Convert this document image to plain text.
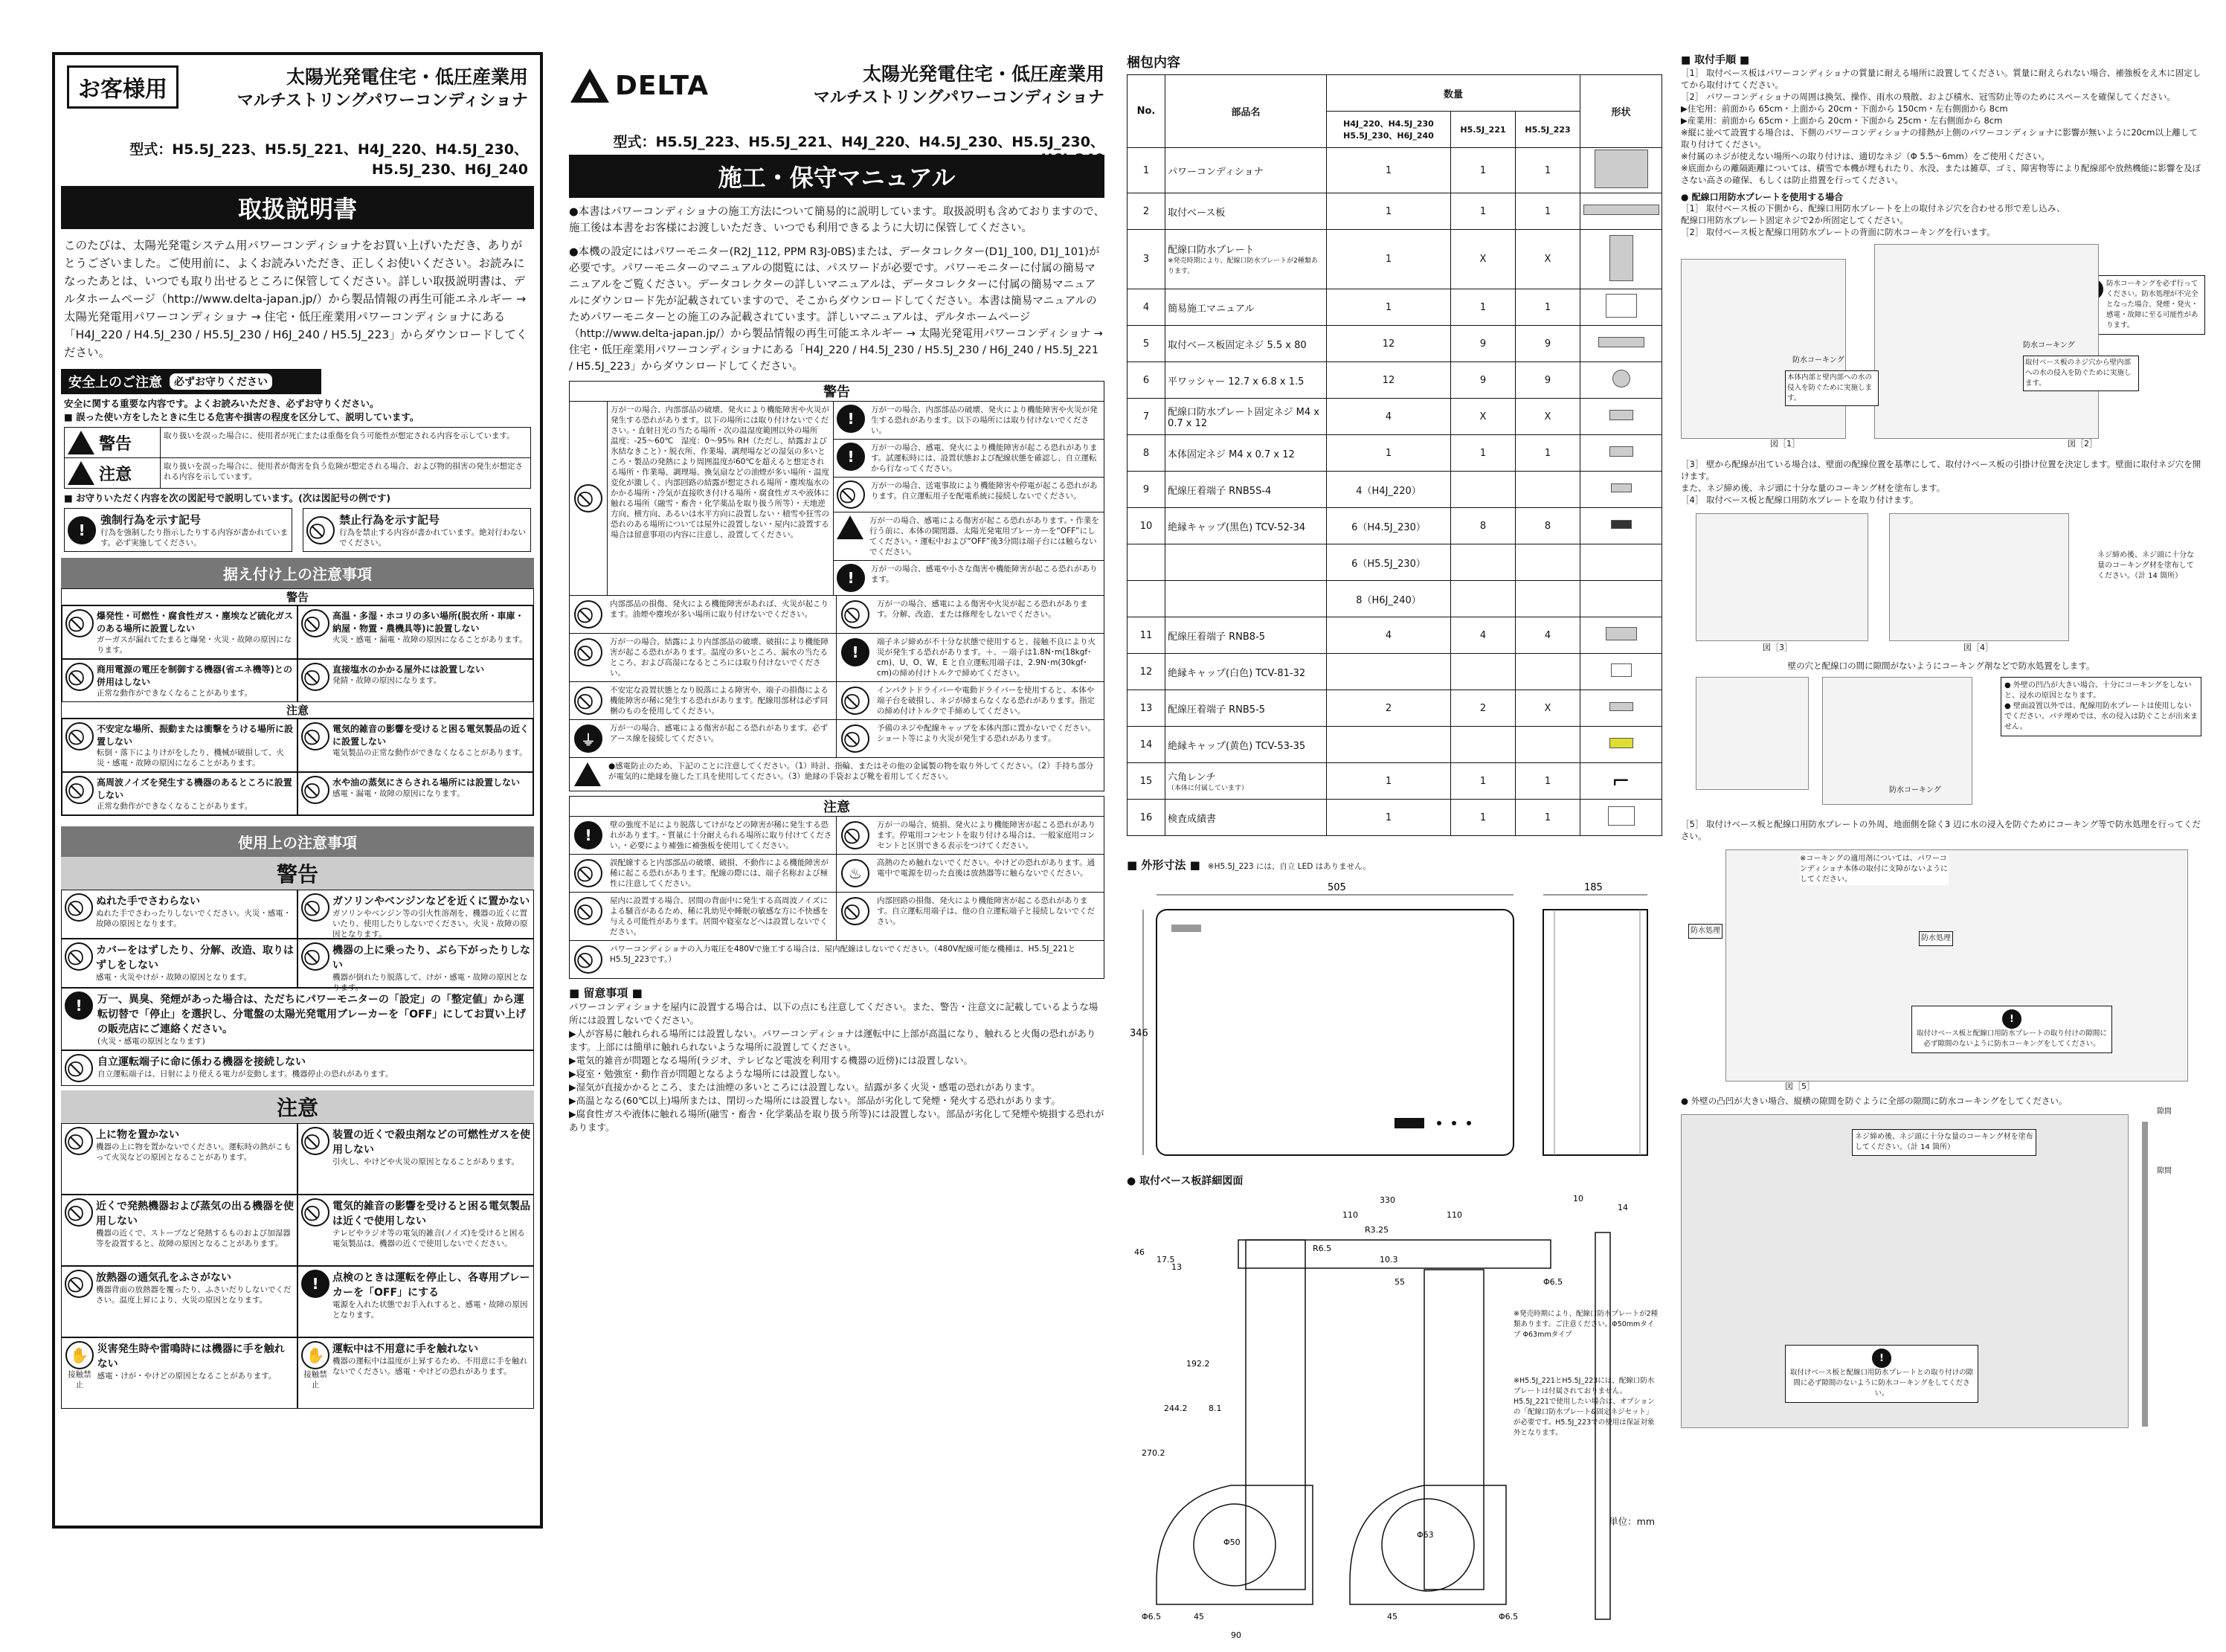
お客様用	太陽光発電住宅・低圧産業用
マルチストリングパワーコンディショナ
型式：H5.5J_223、H5.5J_221、H4J_220、H4.5J_230、H5.5J_230、H6J_240
取扱説明書
このたびは、太陽光発電システム用パワーコンディショナをお買い上げいただき、ありがとうございました。ご使用前に、よくお読みいただき、正しくお使いください。お読みになったあとは、いつでも取り出せるところに保管してください。詳しい取扱説明書は、デルタホームページ（http://www.delta-japan.jp/）から製品情報の再生可能エネルギー → 太陽光発電用パワーコンディショナ → 住宅・低圧産業用パワーコンディショナにある「H4J_220 / H4.5J_230 / H5.5J_230 / H6J_240 / H5.5J_223」からダウンロードしてください。
安全上のご注意	必ずお守りください
安全に関する重要な内容です。よくお読みいただき、必ずお守りください。
■ 誤った使い方をしたときに生じる危害や損害の程度を区分して、説明しています。
警告	取り扱いを誤った場合に、使用者が死亡または重傷を負う可能性が想定される内容を示しています。
注意	取り扱いを誤った場合に、使用者が傷害を負う危険が想定される場合、および物的損害の発生が想定される内容を示しています。
■ お守りいただく内容を次の図記号で説明しています。(次は図記号の例です)
!
強制行為を示す記号
行為を強制したり指示したりする内容が書かれています。必ず実施してください。
禁止行為を示す記号
行為を禁止する内容が書かれています。絶対行わないでください。
据え付け上の注意事項
警告
爆発性・可燃性・腐食性ガス・塵埃など硫化ガスのある場所に設置しない
ガーガスが漏れてたまると爆発・火災・故障の原因になります。
高温・多湿・ホコリの多い場所(脱衣所・車庫・納屋・物置・農機具等)に設置しない
火災・感電・漏電・故障の原因になることがあります。
商用電源の電圧を制御する機器(省エネ機等)との併用はしない
正常な動作ができなくなることがあります。
直接塩水のかかる屋外には設置しない
発錆・故障の原因になります。
注意
不安定な場所、振動または衝撃をうける場所に設置しない
転倒・落下によりけがをしたり、機械が破損して、火災・感電・故障の原因になることがあります。
電気的雑音の影響を受けると困る電気製品の近くに設置しない
電気製品の正常な動作ができなくなることがあります。
高周波ノイズを発生する機器のあるところに設置しない
正常な動作ができなくなることがあります。
水や油の蒸気にさらされる場所には設置しない
感電・漏電・故障の原因になります。
使用上の注意事項
警告
ぬれた手でさわらない
ぬれた手でさわったりしないでください。火災・感電・故障の原因となります。
ガソリンやベンジンなどを近くに置かない
ガソリンやベンジン等の引火性溶剤を、機器の近くに置いたり、使用したりしないでください。火災・故障の原因となります。
カバーをはずしたり、分解、改造、取りはずしをしない
感電・火災やけが・故障の原因となります。
機器の上に乗ったり、ぶら下がったりしない
機器が倒れたり脱落して、けが・感電・故障の原因となります。
!	万一、異臭、発煙があった場合は、ただちにパワーモニターの「設定」の「整定値」から運転切替で「停止」を選択し、分電盤の太陽光発電用ブレーカーを「OFF」にしてお買い上げの販売店にご連絡ください。
(火災・感電の原因となります)
自立運転端子に命に係わる機器を接続しない
自立運転端子は、日射により使える電力が変動します。機器停止の恐れがあります。
注意
上に物を置かない
機器の上に物を置かないでください。運転時の熱がこもって火災などの原因となることがあります。
装置の近くで殺虫剤などの可燃性ガスを使用しない
引火し、やけどや火災の原因となることがあります。
近くで発熱機器および蒸気の出る機器を使用しない
機器の近くで、ストーブなど発熱するものおよび加湿器等を設置すると、故障の原因となることがあります。
電気的雑音の影響を受けると困る電気製品は近くで使用しない
テレビやラジオ等の電気的雑音(ノイズ)を受けると困る電気製品は、機器の近くで使用しないでください。
放熱器の通気孔をふさがない
機器背面の放熱器を覆ったり、ふさいだりしないでください。温度上昇により、火災の原因となります。
!	点検のときは運転を停止し、各専用ブレーカーを「OFF」にする
電源を入れた状態でお手入れすると、感電・故障の原因となります。
✋
接触禁止
災害発生時や雷鳴時には機器に手を触れない
感電・けが・やけどの原因となることがあります。
✋
接触禁止
運転中は不用意に手を触れない
機器の運転中は温度が上昇するため、不用意に手を触れないでください。感電・やけどの恐れがあります。
DELTA	太陽光発電住宅・低圧産業用
マルチストリングパワーコンディショナ
型式：H5.5J_223、H5.5J_221、H4J_220、H4.5J_230、H5.5J_230、H6J_240
施工・保守マニュアル
●本書はパワーコンディショナの施工方法について簡易的に説明しています。取扱説明も含めておりますので、施工後は本書をお客様にお渡しいただき、いつでも利用できるように大切に保管してください。
●本機の設定にはパワーモニター(R2J_112, PPM R3J-0BS)または、データコレクター(D1J_100, D1J_101)が必要です。パワーモニターのマニュアルの閲覧には、パスワードが必要です。パワーモニターに付属の簡易マニュアルをご覧ください。データコレクターの詳しいマニュアルは、データコレクターに付属の簡易マニュアルにダウンロード先が記載されていますので、そこからダウンロードしてください。本書は簡易マニュアルのためパワーモニターとの施工のみ記載されています。詳しいマニュアルは、デルタホームページ（http://www.delta-japan.jp/）から製品情報の再生可能エネルギー → 太陽光発電用パワーコンディショナ → 住宅・低圧産業用パワーコンディショナにある「H4J_220 / H4.5J_230 / H5.5J_230 / H6J_240 / H5.5J_221 / H5.5J_223」からダウンロードしてください。
警告
万が一の場合、内部部品の破壊、発火により機能障害や火災が発生する恐れがあります。以下の場所には取り付けないでください。・直射日光の当たる場所・次の温湿度範囲以外の場所　温度：-25〜60℃　湿度：0〜95％ RH（ただし、結露および氷結なきこと）・脱衣所、作業場、調理場などの湿気の多いところ・製品の発熱により周囲温度が60℃を超えると想定される場所・作業場、調理場、換気扇などの油煙が多い場所・温度変化が激しく、内部回路の結露が想定される場所・塵埃塩水のかかる場所・冷気が直接吹き付ける場所・腐食性ガスや液体に触れる場所（融雪・畜舎・化学薬品を取り扱う所等）・天地逆方向、横方向、あるいは水平方向に設置しない・積雪や狂雪の恐れのある場所については屋外に設置しない・屋内に設置する場合は留意事項の内容に注意し、設置してください。
!	万が一の場合、内部部品の破壊、発火により機能障害や火災が発生する恐れがあります。以下の場所には取り付けないでください。
!	万が一の場合、感電、発火により機能障害が起こる恐れがあります。試運転時には、設置状態および配線状態を確認し、自立運転から行なってください。
万が一の場合、送電事故により機能障害や停電が起こる恐れがあります。自立運転用子を配電系統に接続しないでください。
万が一の場合、感電による傷害が起こる恐れがあります。・作業を行う前に、本体の開閉器、太陽光発電用ブレーカーを“OFF”にしてください。・運転中および“OFF”後3分間は端子台には触らないでください。
!	万が一の場合、感電や小さな傷害や機能障害が起こる恐れがあります。
内部部品の損傷、発火による機能障害があれば、火災が起こります。油煙や塵埃が多い場所に取り付けないでください。
万が一の場合、感電による傷害や火災が起こる恐れがあります。分解、改造、または修理をしないでください。
万が一の場合、結露により内部部品の破壊、破損により機能障害が起こる恐れがあります。温度の多いところ、漏水の当たるところ、および高湿になるところには取り付けないでください。
!
端子ネジ締めが不十分な状態で使用すると、接触不良により火災が発生する恐れがあります。＋、－端子は1.8N･m(18kgf･cm)、U、O、W、E と自立運転用端子は、2.9N･m(30kgf･cm)の締め付けトルクで締めてください。
不安定な設置状態となり脱落による障害や、端子の損傷による機能障害が稀に発生する恐れがあります。配線用部材は必ず同梱のものを使用してください。
インパクトドライバーや電動ドライバーを使用すると、本体や端子台を破損し、ネジが締まらなくなる恐れがあります。指定の締め付けトルクで手締めしてください。
⏚
万が一の場合、感電による傷害が起こる恐れがあります。必ずアース線を接続してください。
予備のネジや配線キャップを本体内部に置かないでください。ショート等により火災が発生する恐れがあります。
●感電防止のため、下記のことに注意してください。（1）時計、指輪、またはその他の金属製の物を取り外してください。（2）手持ち部分が電気的に絶縁を施した工具を使用してください。（3）絶縁の手袋および靴を着用してください。
注意
!
壁の強度不足により脱落してけがなどの障害が稀に発生する恐れがあります。・質量に十分耐えられる場所に取り付けてください。・必要により補強に補強板を使用してください。
万が一の場合、焼損、発火により機能障害が起こる恐れがあります。停電用コンセントを取り付ける場合は、一般家庭用コンセントと区別できる表示をつけてください。
誤配線すると内部部品の破壊、破損、不動作による機能障害が稀に起こる恐れがあります。配線の際には、端子名称および極性に注意してください。
♨
高熱のため触れないでください。やけどの恐れがあります。通電中で電源を切った直後は放熱器等に触らないでください。
屋内に設置する場合、居間の背面中に発生する高周波ノイズによる騒音があるため、稀に乳幼児や睡眠の敏感な方に不快感を与える可能性があります。居間や寝室などへは設置しないでください。
内部回路の損傷、発火により機能障害が起こる恐れがあります。自立運転用端子は、他の自立運転端子と接続しないでください。
パワーコンディショナの入力電圧を480Vで施工する場合は、屋内配線はしないでください。（480V配線可能な機種は、H5.5J_221とH5.5J_223です。）
■ 留意事項 ■
パワーコンディショナを屋内に設置する場合は、以下の点にも注意してください。また、警告・注意文に記載しているような場所には設置しないでください。
▶人が容易に触れられる場所には設置しない。パワーコンディショナは運転中に上部が高温になり、触れると火傷の恐れがあります。上部には簡単に触れられないような場所に設置してください。
▶電気的雑音が問題となる場所(ラジオ、テレビなど電波を利用する機器の近傍)には設置しない。
▶寝室・勉強室・動作音が問題となるような場所には設置しない。
▶湿気が直接かかるところ、または油煙の多いところには設置しない。結露が多く火災・感電の恐れがあります。
▶高温となる(60℃以上)場所または、閉切った場所には設置しない。部品が劣化して発煙・発火する恐れがあります。
▶腐食性ガスや液体に触れる場所(融雪・畜舎・化学薬品を取り扱う所等)には設置しない。部品が劣化して発煙や焼損する恐れがあります。
梱包内容
No.	部品名	数量			形状
		H4J_220、H4.5J_230 H5.5J_230、H6J_240	H5.5J_221	H5.5J_223	
1	パワーコンディショナ	1	1	1	
2	取付ベース板	1	1	1	
3	配線口防水プレート
※発売時期により、配線口防水プレートが2種類あります。	1	X	X	
4	簡易施工マニュアル	1	1	1	
5	取付ベース板固定ネジ 5.5 x 80	12	9	9	
6	平ワッシャー 12.7 x 6.8 x 1.5	12	9	9	
7	配線口防水プレート固定ネジ M4 x 0.7 x 12	4	X	X	
8	本体固定ネジ M4 x 0.7 x 12	1	1	1	
9	配線圧着端子 RNB5S-4	4（H4J_220）			
10	絶縁キャップ(黒色) TCV-52-34	6（H4.5J_230）	8	8	
		6（H5.5J_230）			
		8（H6J_240）			
11	配線圧着端子 RNB8-5	4	4	4	
12	絶縁キャップ(白色) TCV-81-32				
13	配線圧着端子 RNB5-5	2	2	X	
14	絶縁キャップ(黄色) TCV-53-35				
15	六角レンチ
（本体に付属しています）	1	1	1	⌐
16	検査成績書	1	1	1	
■ 外形寸法 ■ ※H5.5J_223 には、自立 LED はありません。
505	185
346
● 取付ベース板詳細図面
330	10
110	110
14
R3.25
R6.5
10.3
55	Φ6.5
46
17.5
13
192.2
244.2
270.2
8.1
Φ50
Φ63
Φ6.5	45
90
45	Φ6.5
※発売時期により、配線口防水プレートが2種類あります。ご注意ください。Φ50mmタイプ Φ63mmタイプ
※H5.5J_221とH5.5J_223には、配線口防水プレートは付属されておりません。H5.5J_221で使用したい場合は、オプションの「配線口防水プレート&固定ネジセット」が必要です。H5.5J_223での使用は保証対象外となります。
単位：mm
■ 取付手順 ■
［1］ 取付ベース板はパワーコンディショナの質量に耐える場所に設置してください。質量に耐えられない場合、補強板をえ木に固定してから取付けてください。
［2］ パワーコンディショナの周囲は換気、操作、雨水の飛散、および積水、冠雪防止等のためにスペースを確保してください。
▶住宅用：前面から 65cm・上面から 20cm・下面から 150cm・左右側面から 8cm
▶産業用：前面から 65cm・上面から 20cm・下面から 25cm・左右側面から 8cm
※縦に並べて設置する場合は、下側のパワーコンディショナの排熱が上側のパワーコンディショナに影響が無いように20cm以上離して取り付けてください。
※付属のネジが使えない場所への取り付けは、適切なネジ（Φ 5.5〜6mm）をご使用ください。
※底面からの離隔距離については、積雪で本機が埋もれたり、水没、または雑草、ゴミ、障害物等により配線部や放熱機能に影響を及ぼさない高さの確保、もしくは防止措置を行ってください。
● 配線口用防水プレートを使用する場合
［1］ 取付ベース板の下側から、配線口用防水プレートを上の取付ネジ穴を合わせる形で差し込み、配線口用防水プレート固定ネジで2か所固定してください。
［2］ 取付ベース板と配線口用防水プレートの背面に防水コーキングを行います。
防水コーキングを必ず行ってください。防水処理が不完全となった場合、発煙・発火・感電・故障に至る可能性があります。
本体内部と壁内部への水の侵入を防ぐために実施します。
取付ベース板のネジ穴から壁内部への水の侵入を防ぐために実施します。
防水コーキング
防水コーキング
図［1］	図［2］
［3］ 壁から配線が出ている場合は、壁面の配線位置を基準にして、取付けベース板の引掛け位置を決定します。壁面に取付ネジ穴を開けます。
また、ネジ締め後、ネジ頭に十分な量のコーキング材を塗布します。
［4］ 取付ベース板と配線口用防水プレートを取り付けます。
ネジ締め後、ネジ頭に十分な量のコーキング材を塗布してください。（計 14 箇所）
図［3］	図［4］
壁の穴と配線口の間に隙間がないようにコーキング剤などで防水処置をします。
防水コーキング
● 外壁の凹凸が大きい場合、十分にコーキングをしないと、浸水の原因となります。
● 壁面設置以外では、配線用防水プレートは使用しないでください。パテ埋めでは、水の侵入は防ぐことが出来ません。
［5］ 取付けベース板と配線口用防水プレートの外周、地面側を除く3 辺に水の浸入を防ぐためにコーキング等で防水処理を行ってください。
※コーキングの適用剤については、パワーコンディショナ本体の取付に支障がないようにしてください。
防水処理
防水処理
!
取付けベース板と配線口用防水プレートの取り付けの隙間に必ず隙間のないように防水コーキングをしてください。
図［5］
● 外壁の凸凹が大きい場合、縦横の隙間を防ぐように全部の隙間に防水コーキングをしてください。
ネジ締め後、ネジ頭に十分な量のコーキング材を塗布してください。（計 14 箇所）
隙間
隙間
!
取付けベース板と配線口用防水プレートとの取り付けの隙間に必ず隙間のないように防水コーキングをしてください。
